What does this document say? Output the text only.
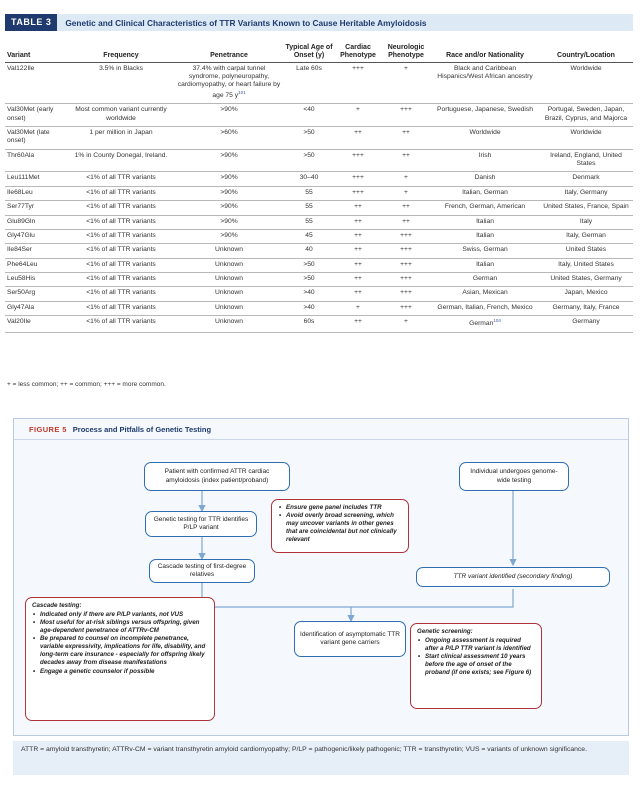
TABLE 3	Genetic and Clinical Characteristics of TTR Variants Known to Cause Heritable Amyloidosis
Variant	Frequency	Penetrance	Typical Age of Onset (y)	Cardiac Phenotype	Neurologic Phenotype	Race and/or Nationality	Country/Location
Val122Ile	3.5% in Blacks	37.4% with carpal tunnel syndrome, polyneuropathy, cardiomyopathy, or heart failure by age 75 $y^{101}$	Late 60s	+++	+	Black and Caribbean Hispanics/West African ancestry	Worldwide
Val30Met (early onset)	Most common variant currently worldwide	>90%	<40	+	+++	Portuguese, Japanese, Swedish	Portugal, Sweden, Japan, Brazil, Cyprus, and Majorca
Val30Met (late onset)	1 per million in Japan	>60%	>50	++	++	Worldwide	Worldwide
Thr60Ala	1% in County Donegal, Ireland.	>90%	>50	+++	++	Irish	Ireland, England, United States
Leu111Met	<1% of all TTR variants	>90%	30–40	+++	+	Danish	Denmark
Ile68Leu	<1% of all TTR variants	>90%	55	+++	+	Italian, German	Italy, Germany
Ser77Tyr	<1% of all TTR variants	>90%	55	++	++	French, German, American	United States, France, Spain
Glu89Gln	<1% of all TTR variants	>90%	55	++	++	Italian	Italy
Gly47Glu	<1% of all TTR variants	>90%	45	++	+++	Italian	Italy, German
Ile84Ser	<1% of all TTR variants	Unknown	40	++	+++	Swiss, German	United States
Phe64Leu	<1% of all TTR variants	Unknown	>50	++	+++	Italian	Italy, United States
Leu58His	<1% of all TTR variants	Unknown	>50	++	+++	German	United States, Germany
Ser50Arg	<1% of all TTR variants	Unknown	>40	++	+++	Asian, Mexican	Japan, Mexico
Gly47Ala	<1% of all TTR variants	Unknown	>40	+	+++	German, Italian, French, Mexico	Germany, Italy, France
Val20Ile	<1% of all TTR variants	Unknown	60s	++	+	German$^{104}$	Germany
+ = less common; ++ = common; +++ = more common.
FIGURE 5 Process and Pitfalls of Genetic Testing
Patient with confirmed ATTR cardiac amyloidosis (index patient/proband)
Genetic testing for TTR identifies P/LP variant
Cascade testing of first-degree relatives
Identification of asymptomatic TTR variant gene carriers
Individual undergoes genome-wide testing
TTR variant identified (secondary finding)
• Ensure gene panel includes TTR
• Avoid overly broad screening, which may uncover variants in other genes that are coincidental but not clinically relevant
Cascade testing:
• Indicated only if there are P/LP variants, not VUS
• Most useful for at-risk siblings versus offspring, given age-dependent penetrance of ATTRv-CM
• Be prepared to counsel on incomplete penetrance, variable expressivity, implications for life, disability, and long-term care insurance - especially for offspring likely decades away from disease manifestations
• Engage a genetic counselor if possible
Genetic screening:
• Ongoing assessment is required after a P/LP TTR variant is identified
• Start clinical assessment 10 years before the age of onset of the proband (if one exists; see Figure 6)
ATTR = amyloid transthyretin; ATTRv-CM = variant transthyretin amyloid cardiomyopathy; P/LP = pathogenic/likely pathogenic; TTR = transthyretin; VUS = variants of unknown significance.
